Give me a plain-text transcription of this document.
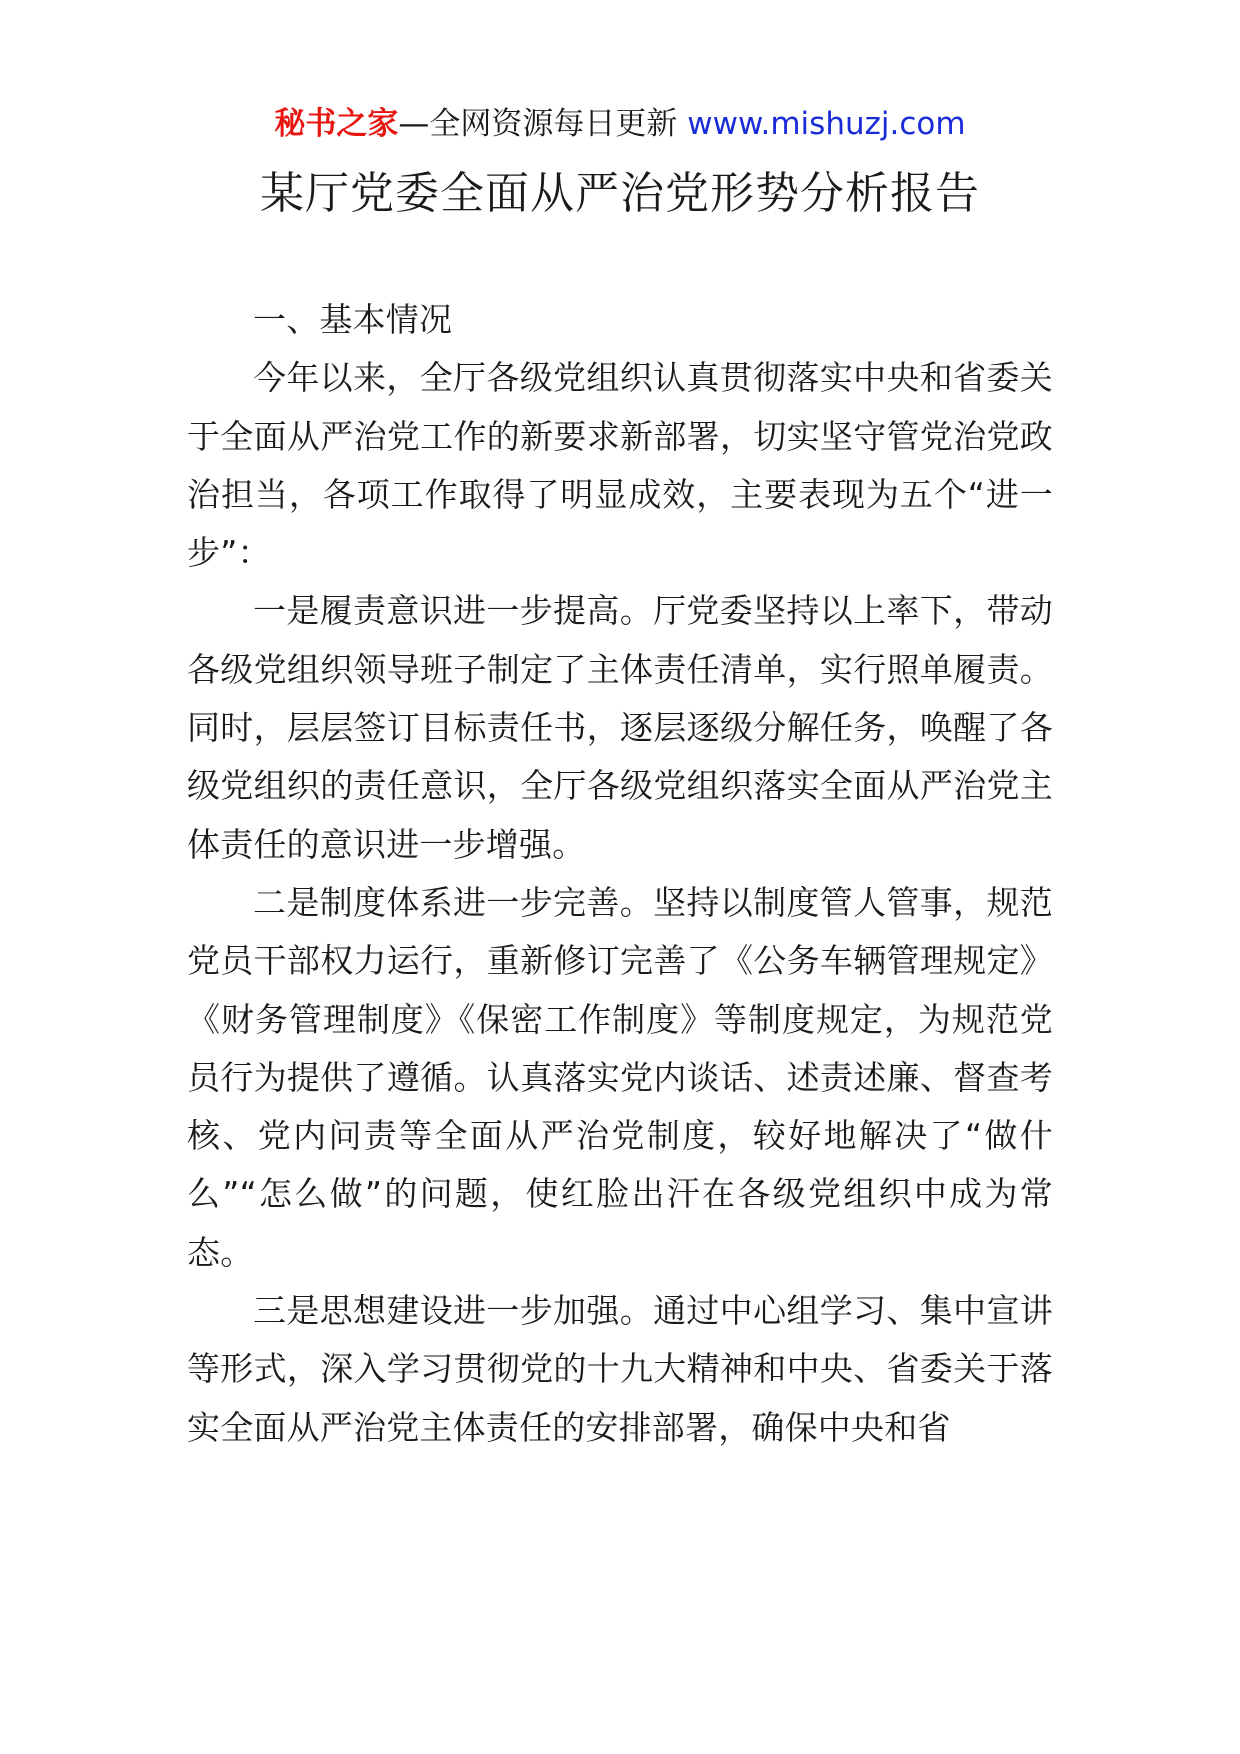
秘书之家—全网资源每日更新 www.mishuzj.com
某厅党委全面从严治党形势分析报告

一、基本情况

今年以来，全厅各级党组织认真贯彻落实中央和省委关于全面从严治党工作的新要求新部署，切实坚守管党治党政治担当，各项工作取得了明显成效，主要表现为五个“进一步”：

一是履责意识进一步提高。厅党委坚持以上率下，带动各级党组织领导班子制定了主体责任清单，实行照单履责。同时，层层签订目标责任书，逐层逐级分解任务，唤醒了各级党组织的责任意识，全厅各级党组织落实全面从严治党主体责任的意识进一步增强。

二是制度体系进一步完善。坚持以制度管人管事，规范党员干部权力运行，重新修订完善了《公务车辆管理规定》《财务管理制度》《保密工作制度》等制度规定，为规范党员行为提供了遵循。认真落实党内谈话、述责述廉、督查考核、党内问责等全面从严治党制度，较好地解决了“做什么”“怎么做”的问题，使红脸出汗在各级党组织中成为常态。

三是思想建设进一步加强。通过中心组学习、集中宣讲等形式，深入学习贯彻党的十九大精神和中央、省委关于落实全面从严治党主体责任的安排部署，确保中央和省
